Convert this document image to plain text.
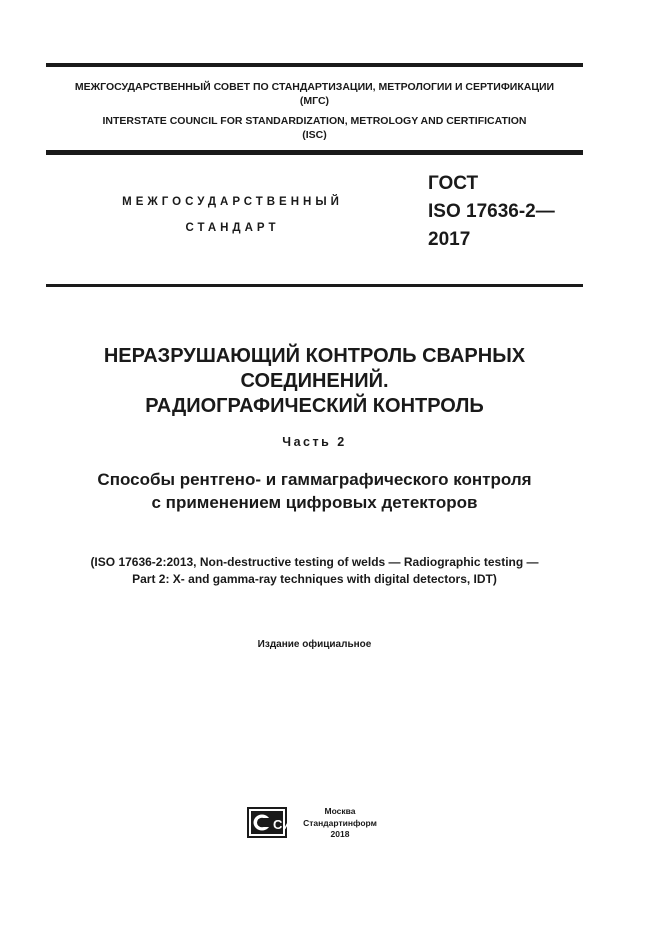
МЕЖГОСУДАРСТВЕННЫЙ СОВЕТ ПО СТАНДАРТИЗАЦИИ, МЕТРОЛОГИИ И СЕРТИФИКАЦИИ
(МГС)
INTERSTATE COUNCIL FOR STANDARDIZATION, METROLOGY AND CERTIFICATION
(ISC)
МЕЖГОСУДАРСТВЕННЫЙ
СТАНДАРТ
ГОСТ
ISO 17636-2—
2017
НЕРАЗРУШАЮЩИЙ КОНТРОЛЬ СВАРНЫХ
СОЕДИНЕНИЙ.
РАДИОГРАФИЧЕСКИЙ КОНТРОЛЬ
Часть 2
Способы рентгено- и гаммаграфического контроля
с применением цифровых детекторов
(ISO 17636-2:2013, Non-destructive testing of welds — Radiographic testing —
Part 2: X- and gamma-ray techniques with digital detectors, IDT)
Издание официальное
СИ
Москва
Стандартинформ
2018
